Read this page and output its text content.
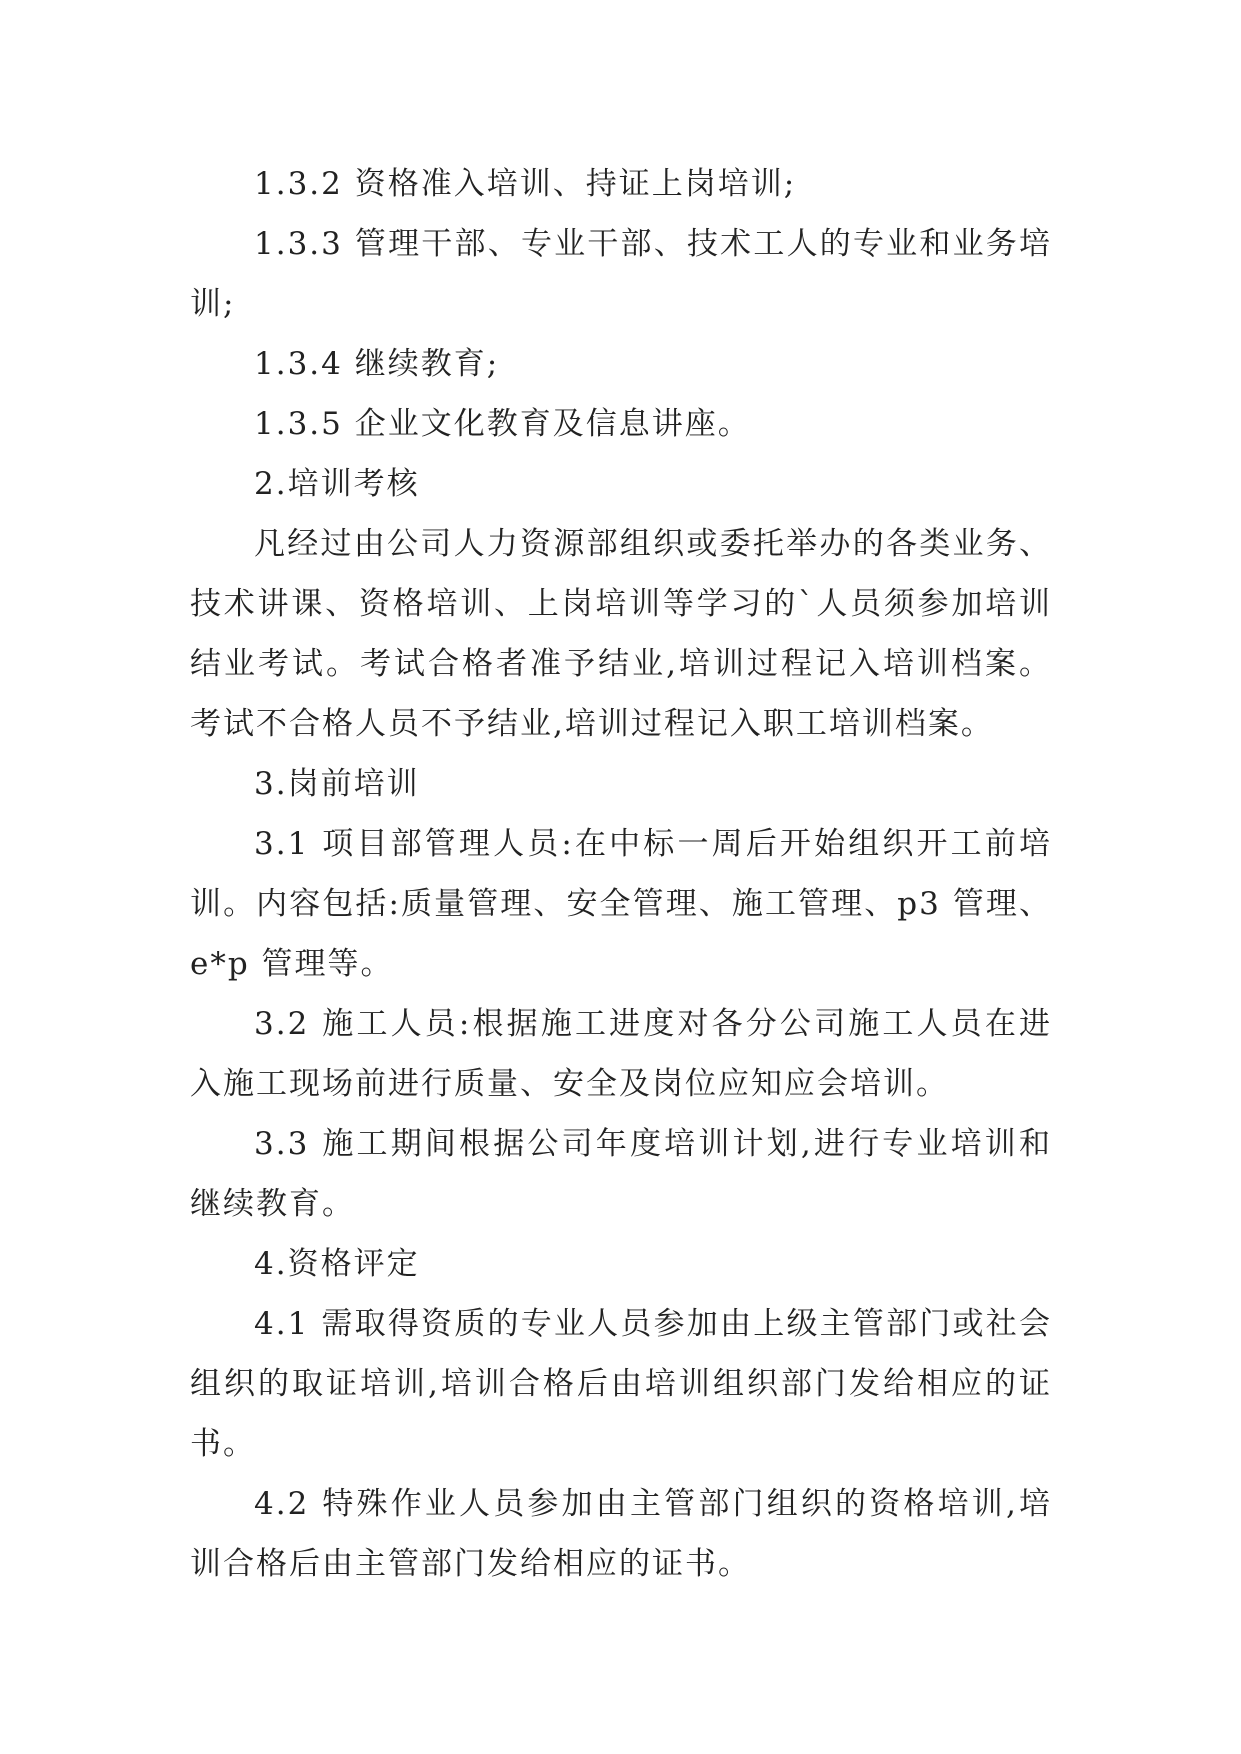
1.3.2 资格准入培训、持证上岗培训;

1.3.3 管理干部、专业干部、技术工人的专业和业务培训;

1.3.4 继续教育;

1.3.5 企业文化教育及信息讲座。

2.培训考核

凡经过由公司人力资源部组织或委托举办的各类业务、技术讲课、资格培训、上岗培训等学习的`人员须参加培训结业考试。考试合格者准予结业,培训过程记入培训档案。考试不合格人员不予结业,培训过程记入职工培训档案。

3.岗前培训

3.1 项目部管理人员:在中标一周后开始组织开工前培训。内容包括:质量管理、安全管理、施工管理、p3 管理、e*p 管理等。

3.2 施工人员:根据施工进度对各分公司施工人员在进入施工现场前进行质量、安全及岗位应知应会培训。

3.3 施工期间根据公司年度培训计划,进行专业培训和继续教育。

4.资格评定

4.1 需取得资质的专业人员参加由上级主管部门或社会组织的取证培训,培训合格后由培训组织部门发给相应的证书。

4.2 特殊作业人员参加由主管部门组织的资格培训,培训合格后由主管部门发给相应的证书。
